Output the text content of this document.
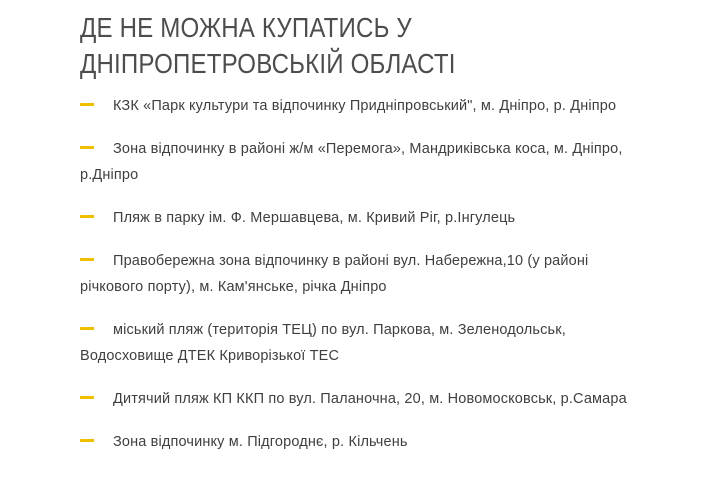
ДЕ НЕ МОЖНА КУПАТИСЬ У ДНІПРОПЕТРОВСЬКІЙ ОБЛАСТІ
КЗК «Парк культури та відпочинку Придніпровський", м. Дніпро, р. Дніпро
Зона відпочинку в районі ж/м «Перемога», Мандриківська коса, м. Дніпро, р.Дніпро
Пляж в парку ім. Ф. Мершавцева, м. Кривий Ріг, р.Інгулець
Правобережна зона відпочинку в районі вул. Набережна,10 (у районі річкового порту), м. Кам'янське, річка Дніпро
міський пляж (територія ТЕЦ) по вул. Паркова, м. Зеленодольськ, Водосховище ДТЕК Криворізької ТЕС
Дитячий пляж КП ККП по вул. Паланочна, 20, м. Новомосковськ, р.Самара
Зона відпочинку м. Підгороднє, р. Кільчень
